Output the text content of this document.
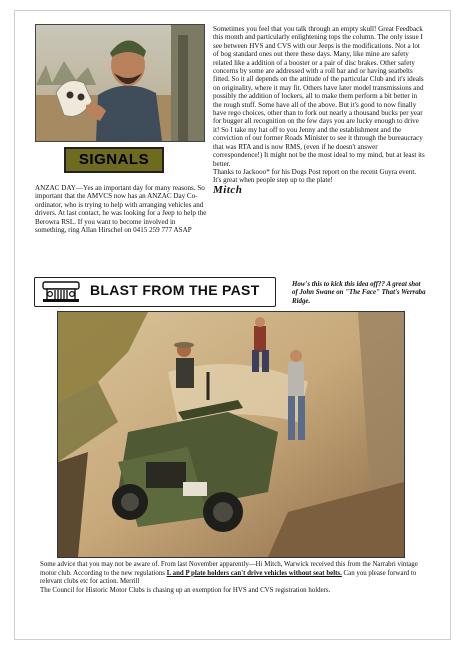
SIGNALS

ANZAC DAY—Yes an important day for many reasons. So important that the AMVCS now has an ANZAC Day Co-ordinator, who is trying to help with arranging vehicles and drivers. At last contact, he was looking for a Jeep to help the Berowra RSL. If you want to become involved in something, ring Allan Hirschel on 0415 259 777 ASAP

Sometimes you feel that you talk through an empty skull! Great Feedback this month and particularly enlightening tops the column. The only issue I see between HVS and CVS with our Jeeps is the modifications. Not a lot of bog standard ones out there these days. Many, like mine are safety related like a addition of a booster or a pair of disc brakes. Other safety concerns by some are addressed with a roll bar and or having seatbelts fitted. So it all depends on the attitude of the particular Club and it's ideals on originality, where it may fit. Others have later model transmissions and possibly the addition of lockers, all to make them perform a bit better in the rough stuff. Some have all of the above. But it's good to now finally have rego choices, other than to fork out nearly a thousand bucks per year for bugger all recognition on the few days you are lucky enough to drive it! So I take my hat off to you Jenny and the establishment and the conviction of our former Roads Minister to see it through the bureaucracy that was RTA and is now RMS, (even if he doesn't answer correspondence!) It might not be the most ideal to my mind, but at least its better.

Thanks to Jackooo* for his Dogs Post report on the recent Guyra event. It's great when people step up to the plate!

Mitch
BLAST FROM THE PAST	How's this to kick this idea off?? A great shot of John Swane on "The Face" That's Werraba Ridge.

Some advice that you may not be aware of. From last November apparently—Hi Mitch, Warwick received this from the Narrabri vintage motor club. According to the new regulations L and P plate holders can't drive vehicles without seat belts. Can you please forward to relevant clubs etc for action. Merrill

The Council for Historic Motor Clubs is chasing up an exemption for HVS and CVS registration holders.
